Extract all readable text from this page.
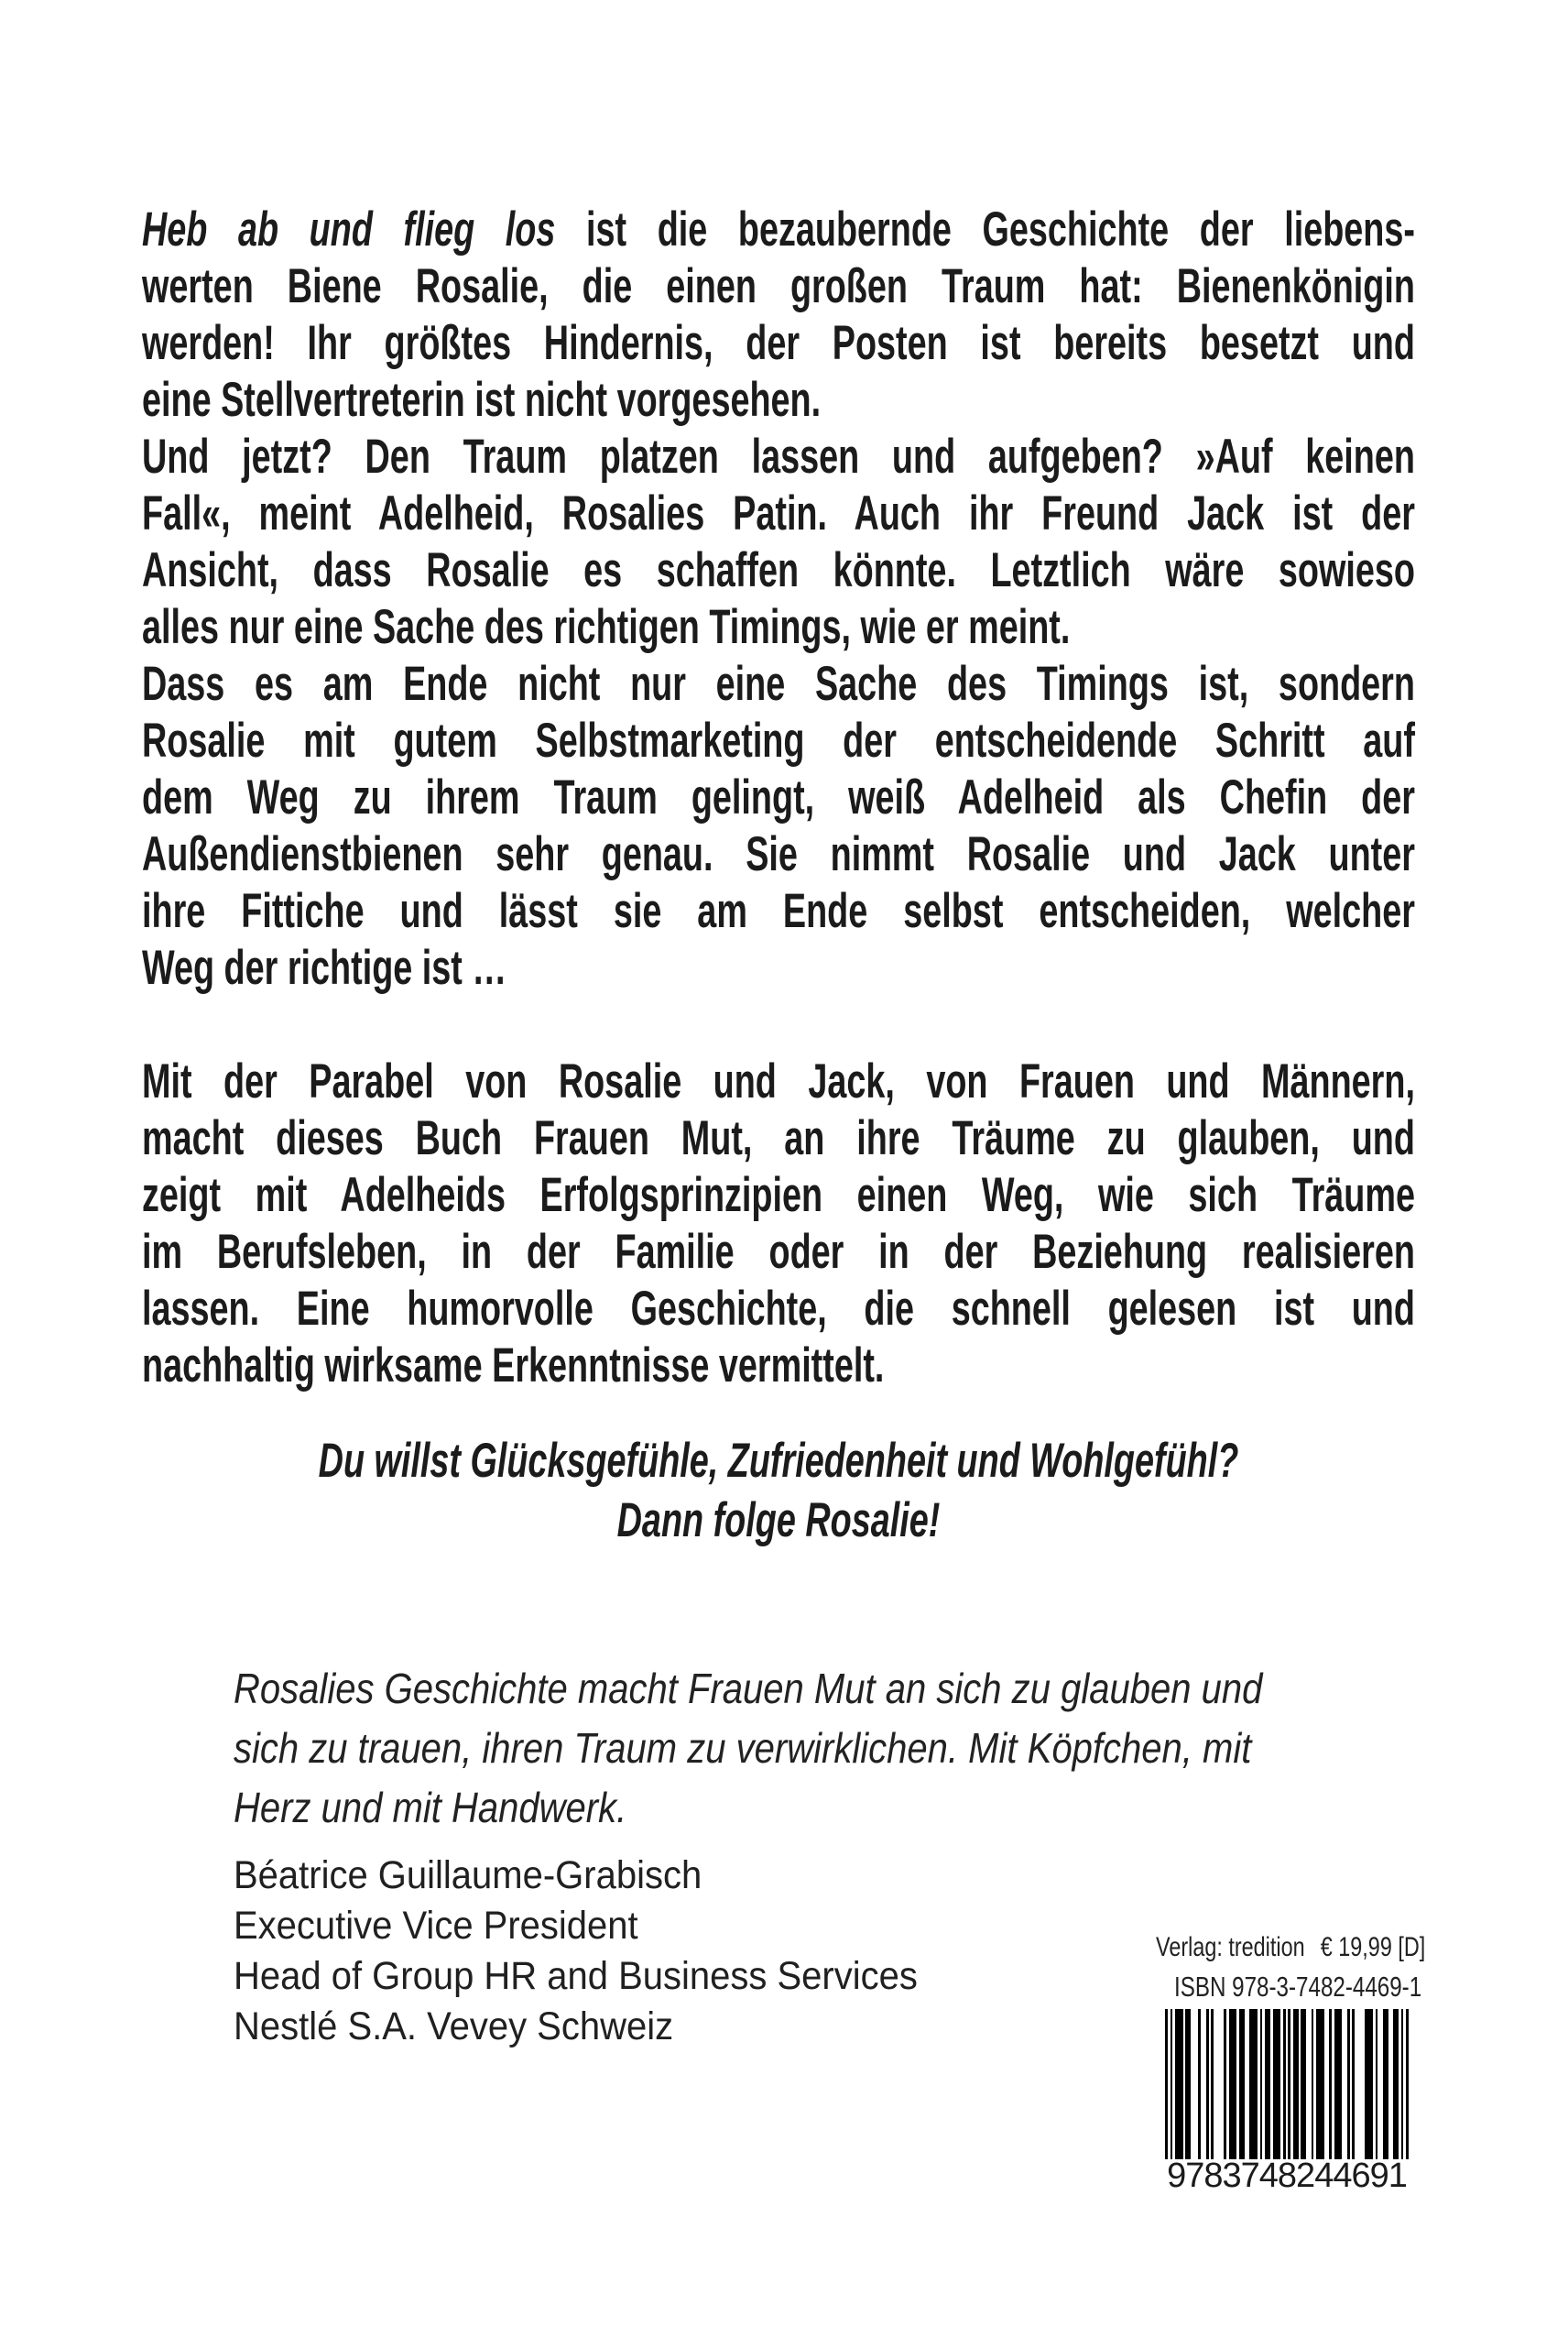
Heb ab und flieg los ist die bezaubernde Geschichte der liebens-
werten Biene Rosalie, die einen großen Traum hat: Bienenkönigin
werden! Ihr größtes Hindernis, der Posten ist bereits besetzt und
eine Stellvertreterin ist nicht vorgesehen.
Und jetzt? Den Traum platzen lassen und aufgeben? »Auf keinen
Fall«, meint Adelheid, Rosalies Patin. Auch ihr Freund Jack ist der
Ansicht, dass Rosalie es schaffen könnte. Letztlich wäre sowieso
alles nur eine Sache des richtigen Timings, wie er meint.
Dass es am Ende nicht nur eine Sache des Timings ist, sondern
Rosalie mit gutem Selbstmarketing der entscheidende Schritt auf
dem Weg zu ihrem Traum gelingt, weiß Adelheid als Chefin der
Außendienstbienen sehr genau. Sie nimmt Rosalie und Jack unter
ihre Fittiche und lässt sie am Ende selbst entscheiden, welcher
Weg der richtige ist …
Mit der Parabel von Rosalie und Jack, von Frauen und Männern,
macht dieses Buch Frauen Mut, an ihre Träume zu glauben, und
zeigt mit Adelheids Erfolgsprinzipien einen Weg, wie sich Träume
im Berufsleben, in der Familie oder in der Beziehung realisieren
lassen. Eine humorvolle Geschichte, die schnell gelesen ist und
nachhaltig wirksame Erkenntnisse vermittelt.
Du willst Glücksgefühle, Zufriedenheit und Wohlgefühl?
Dann folge Rosalie!
Rosalies Geschichte macht Frauen Mut an sich zu glauben und
sich zu trauen, ihren Traum zu verwirklichen. Mit Köpfchen, mit
Herz und mit Handwerk.
Béatrice Guillaume-Grabisch
Executive Vice President
Head of Group HR and Business Services
Nestlé S.A. Vevey Schweiz
Verlag: tredition € 19,99 [D]
ISBN 978-3-7482-4469-1
9783748244691
